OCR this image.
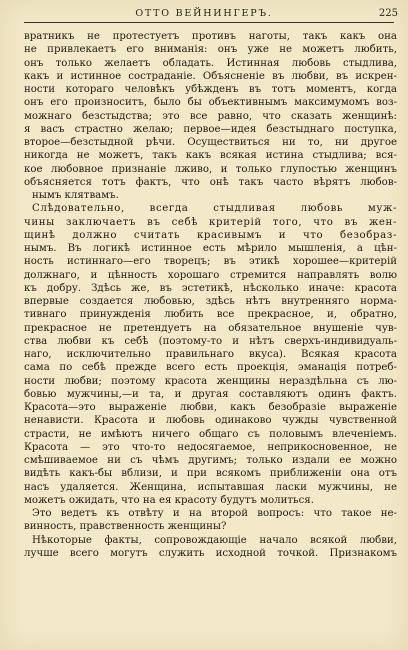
ОТТО ВЕЙНИНГЕРЪ.	225
вратникъ не протестуетъ противъ наготы, такъ какъ она
не привлекаетъ его вниманія: онъ уже не можетъ любить,
онъ только желаетъ обладать. Истинная любовь стыдлива,
какъ и истинное состраданіе. Объясненіе въ любви, въ искрен-
ности котораго человѣкъ убѣжденъ въ тотъ моментъ, когда
онъ его произноситъ, было бы объективнымъ максимумомъ воз-
можнаго безстыдства; это все равно, что сказать женщинѣ:
я васъ страстно желаю; первое—идея безстыднаго поступка,
второе—безстыдной рѣчи. Осуществиться ни то, ни другое
никогда не можетъ, такъ какъ всякая истина стыдлива; вся-
кое любовное признаніе лживо, и только глупостью женщинъ
объясняется тотъ фактъ, что онѣ такъ часто вѣрятъ любов-
нымъ клятвамъ.
Слѣдовательно, всегда стыдливая любовь муж-
чины заключаетъ въ себѣ критерій того, что въ жен-
щинѣ должно считать красивымъ и что безобраз-
нымъ. Въ логикѣ истинное есть мѣрило мышленія, а цѣн-
ность истиннаго—его творецъ; въ этикѣ хорошее—критерій
должнаго, и цѣнность хорошаго стремится направлять волю
къ добру. Здѣсь же, въ эстетикѣ, нѣсколько иначе: красота
впервые создается любовью, здѣсь нѣтъ внутренняго норма-
тивнаго принужденія любить все прекрасное, и, обратно,
прекрасное не претендуетъ на обязательное внушеніе чув-
ства любви къ себѣ (поэтому-то и нѣтъ сверхъ-индивидуаль-
наго, исключительно правильнаго вкуса). Всякая красота
сама по себѣ прежде всего есть проекція, эманація потреб-
ности любви; поэтому красота женщины нераздѣльна съ лю-
бовью мужчины,—и та, и другая составляютъ одинъ фактъ.
Красота—это выраженіе любви, какъ безобразіе выраженіе
ненависти. Красота и любовь одинаково чужды чувственной
страсти, не имѣютъ ничего общаго съ половымъ влеченіемъ.
Красота — это что-то недосягаемое, неприкосновенное, не
смѣшиваемое ни съ чѣмъ другимъ; только издали ее можно
видѣть какъ-бы вблизи, и при всякомъ приближеніи она отъ
насъ удаляется. Женщина, испытавшая ласки мужчины, не
можетъ ожидать, что на ея красоту будутъ молиться.
Это ведетъ къ отвѣту и на второй вопросъ: что такое не-
винность, правственность женщины?
Нѣкоторые факты, сопровождающіе начало всякой любви,
лучше всего могутъ служить исходной точкой. Признакомъ
